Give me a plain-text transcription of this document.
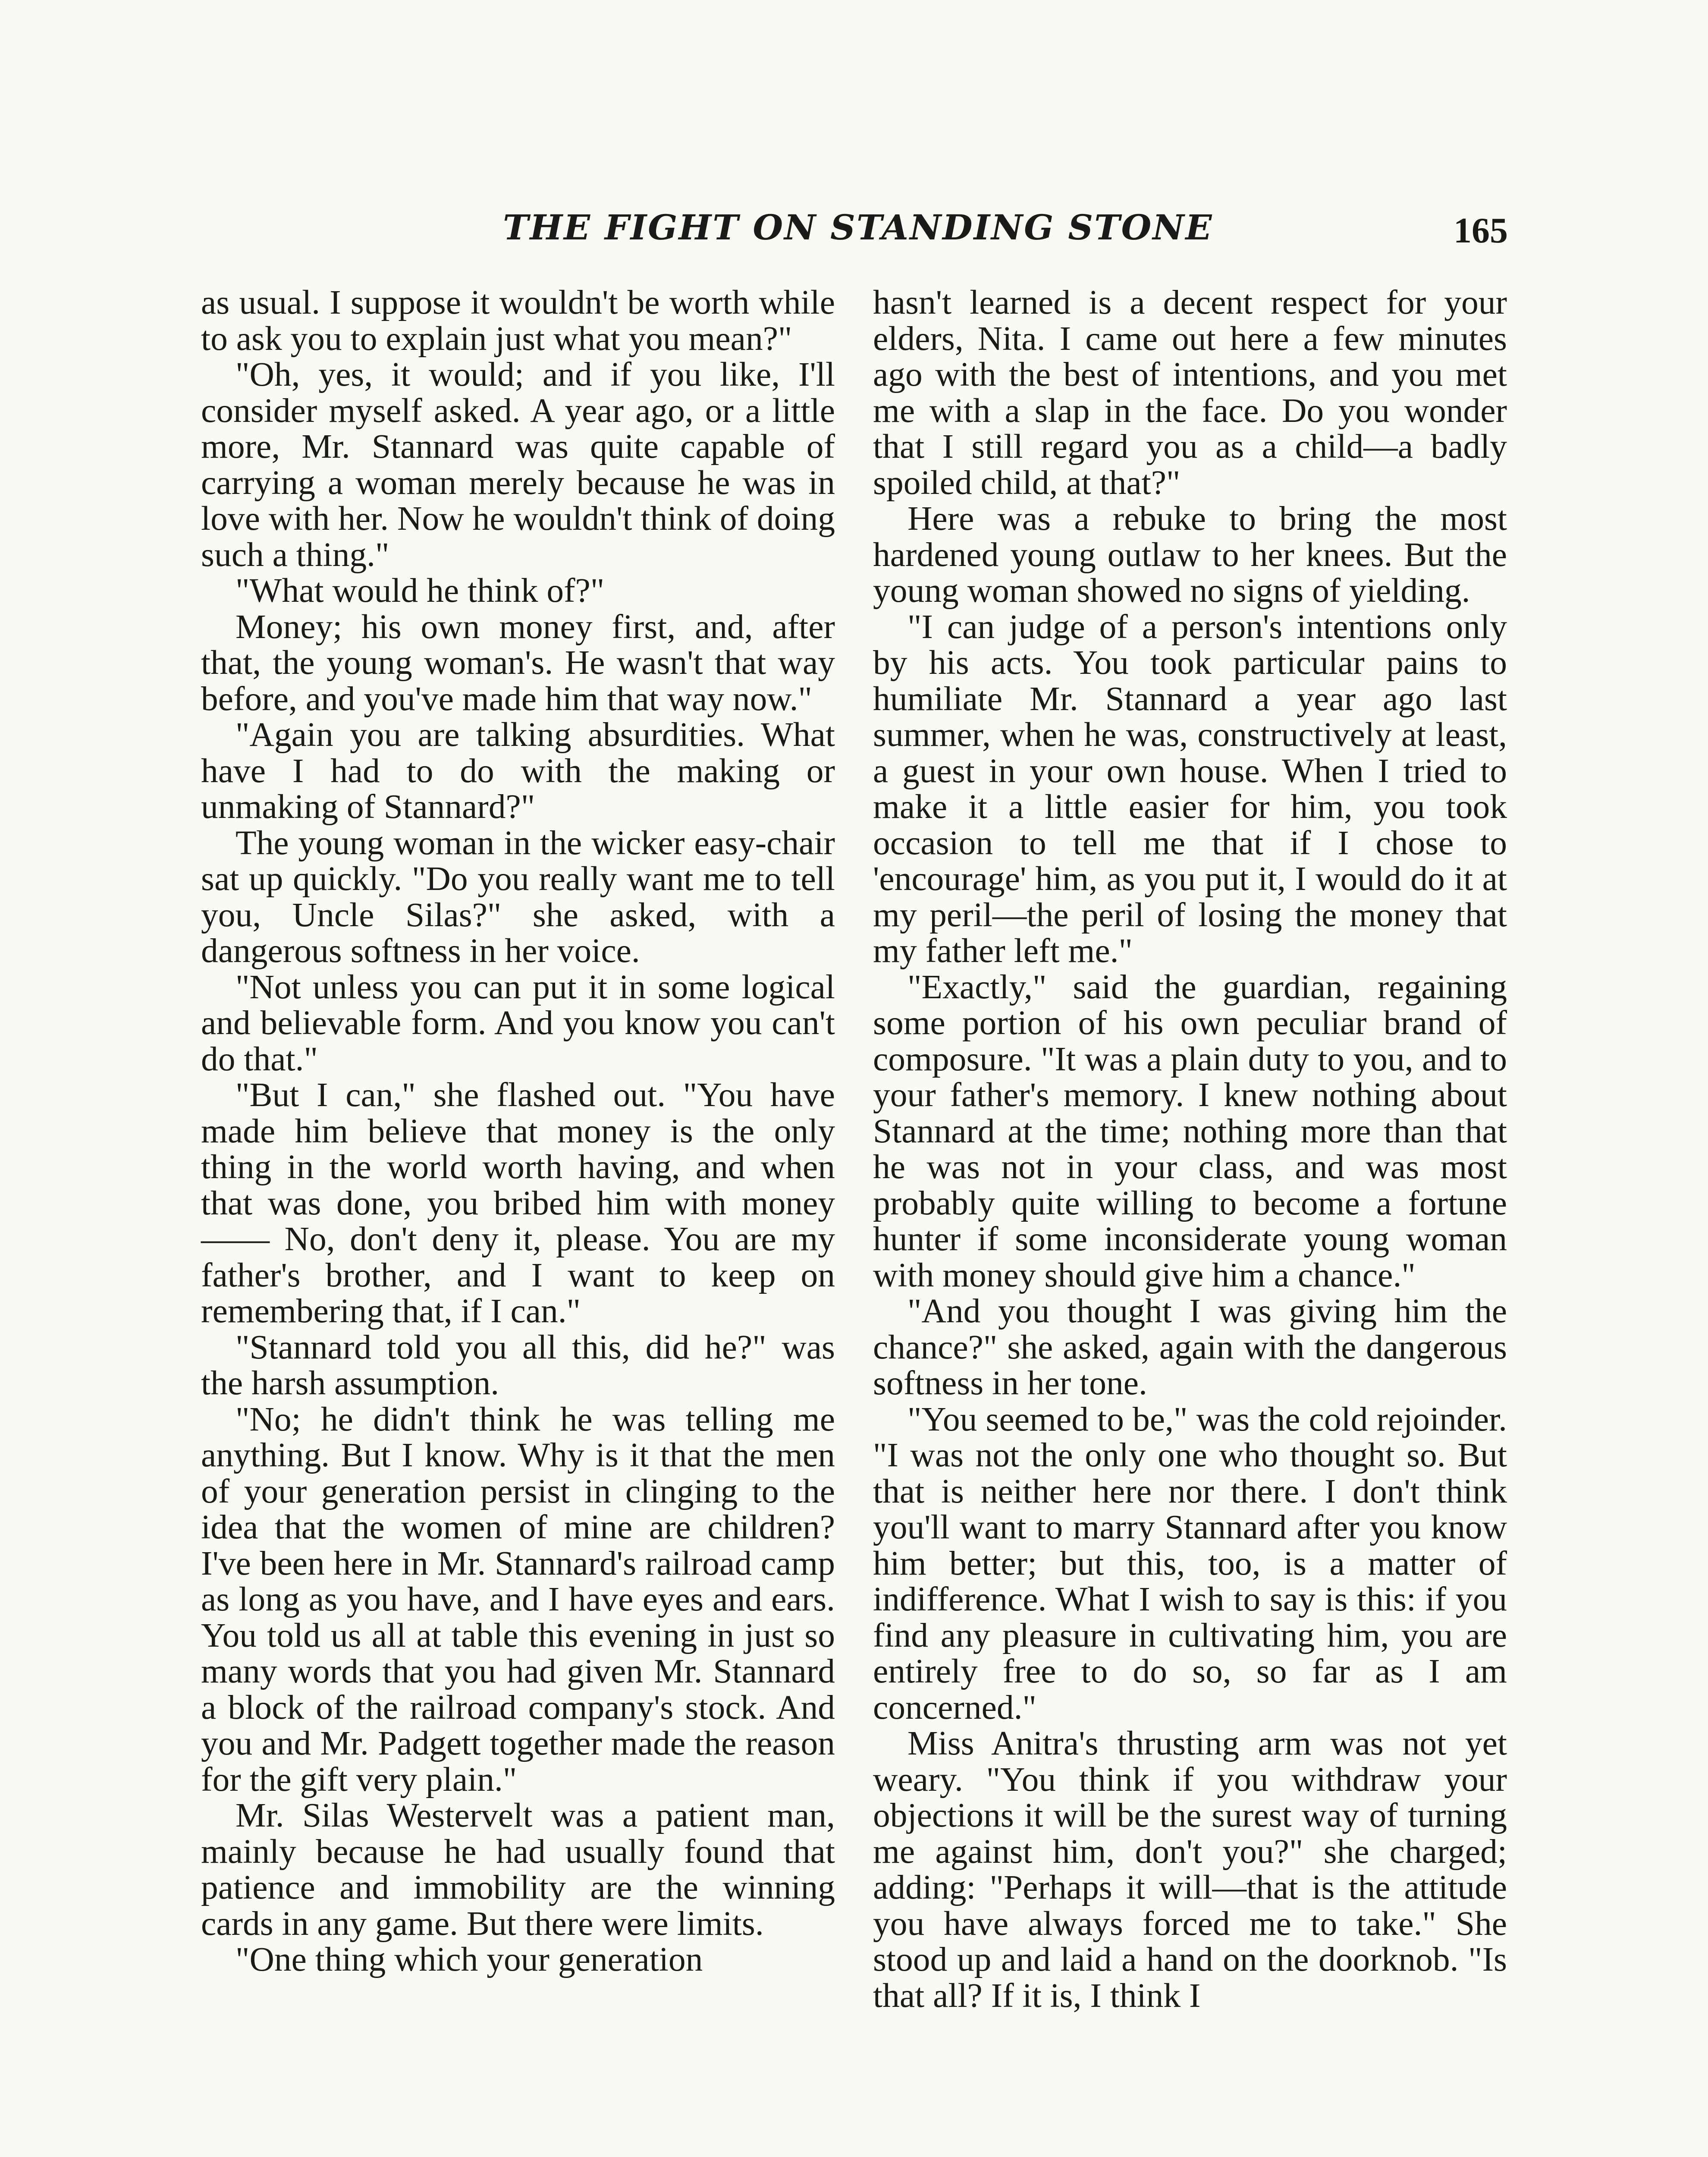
THE FIGHT ON STANDING STONE	165

as usual. I suppose it wouldn't be worth while to ask you to explain just what you mean?"

"Oh, yes, it would; and if you like, I'll consider myself asked. A year ago, or a little more, Mr. Stannard was quite capable of carrying a woman merely because he was in love with her. Now he wouldn't think of doing such a thing."

"What would he think of?"

Money; his own money first, and, after that, the young woman's. He wasn't that way before, and you've made him that way now."

"Again you are talking absurdities. What have I had to do with the making or unmaking of Stannard?"

The young woman in the wicker easy-chair sat up quickly. "Do you really want me to tell you, Uncle Silas?" she asked, with a dangerous softness in her voice.

"Not unless you can put it in some logical and believable form. And you know you can't do that."

"But I can," she flashed out. "You have made him believe that money is the only thing in the world worth having, and when that was done, you bribed him with money—— No, don't deny it, please. You are my father's brother, and I want to keep on remembering that, if I can."

"Stannard told you all this, did he?" was the harsh assumption.

"No; he didn't think he was telling me anything. But I know. Why is it that the men of your generation persist in clinging to the idea that the women of mine are children? I've been here in Mr. Stannard's railroad camp as long as you have, and I have eyes and ears. You told us all at table this evening in just so many words that you had given Mr. Stannard a block of the railroad company's stock. And you and Mr. Padgett together made the reason for the gift very plain."

Mr. Silas Westervelt was a patient man, mainly because he had usually found that patience and immobility are the winning cards in any game. But there were limits.

"One thing which your generation

hasn't learned is a decent respect for your elders, Nita. I came out here a few minutes ago with the best of intentions, and you met me with a slap in the face. Do you wonder that I still regard you as a child—a badly spoiled child, at that?"

Here was a rebuke to bring the most hardened young outlaw to her knees. But the young woman showed no signs of yielding.

"I can judge of a person's intentions only by his acts. You took particular pains to humiliate Mr. Stannard a year ago last summer, when he was, constructively at least, a guest in your own house. When I tried to make it a little easier for him, you took occasion to tell me that if I chose to 'encourage' him, as you put it, I would do it at my peril—the peril of losing the money that my father left me."

"Exactly," said the guardian, regaining some portion of his own peculiar brand of composure. "It was a plain duty to you, and to your father's memory. I knew nothing about Stannard at the time; nothing more than that he was not in your class, and was most probably quite willing to become a fortune hunter if some inconsiderate young woman with money should give him a chance."

"And you thought I was giving him the chance?" she asked, again with the dangerous softness in her tone.

"You seemed to be," was the cold rejoinder. "I was not the only one who thought so. But that is neither here nor there. I don't think you'll want to marry Stannard after you know him better; but this, too, is a matter of indifference. What I wish to say is this: if you find any pleasure in cultivating him, you are entirely free to do so, so far as I am concerned."

Miss Anitra's thrusting arm was not yet weary. "You think if you withdraw your objections it will be the surest way of turning me against him, don't you?" she charged; adding: "Perhaps it will—that is the attitude you have always forced me to take." She stood up and laid a hand on the doorknob. "Is that all? If it is, I think I
